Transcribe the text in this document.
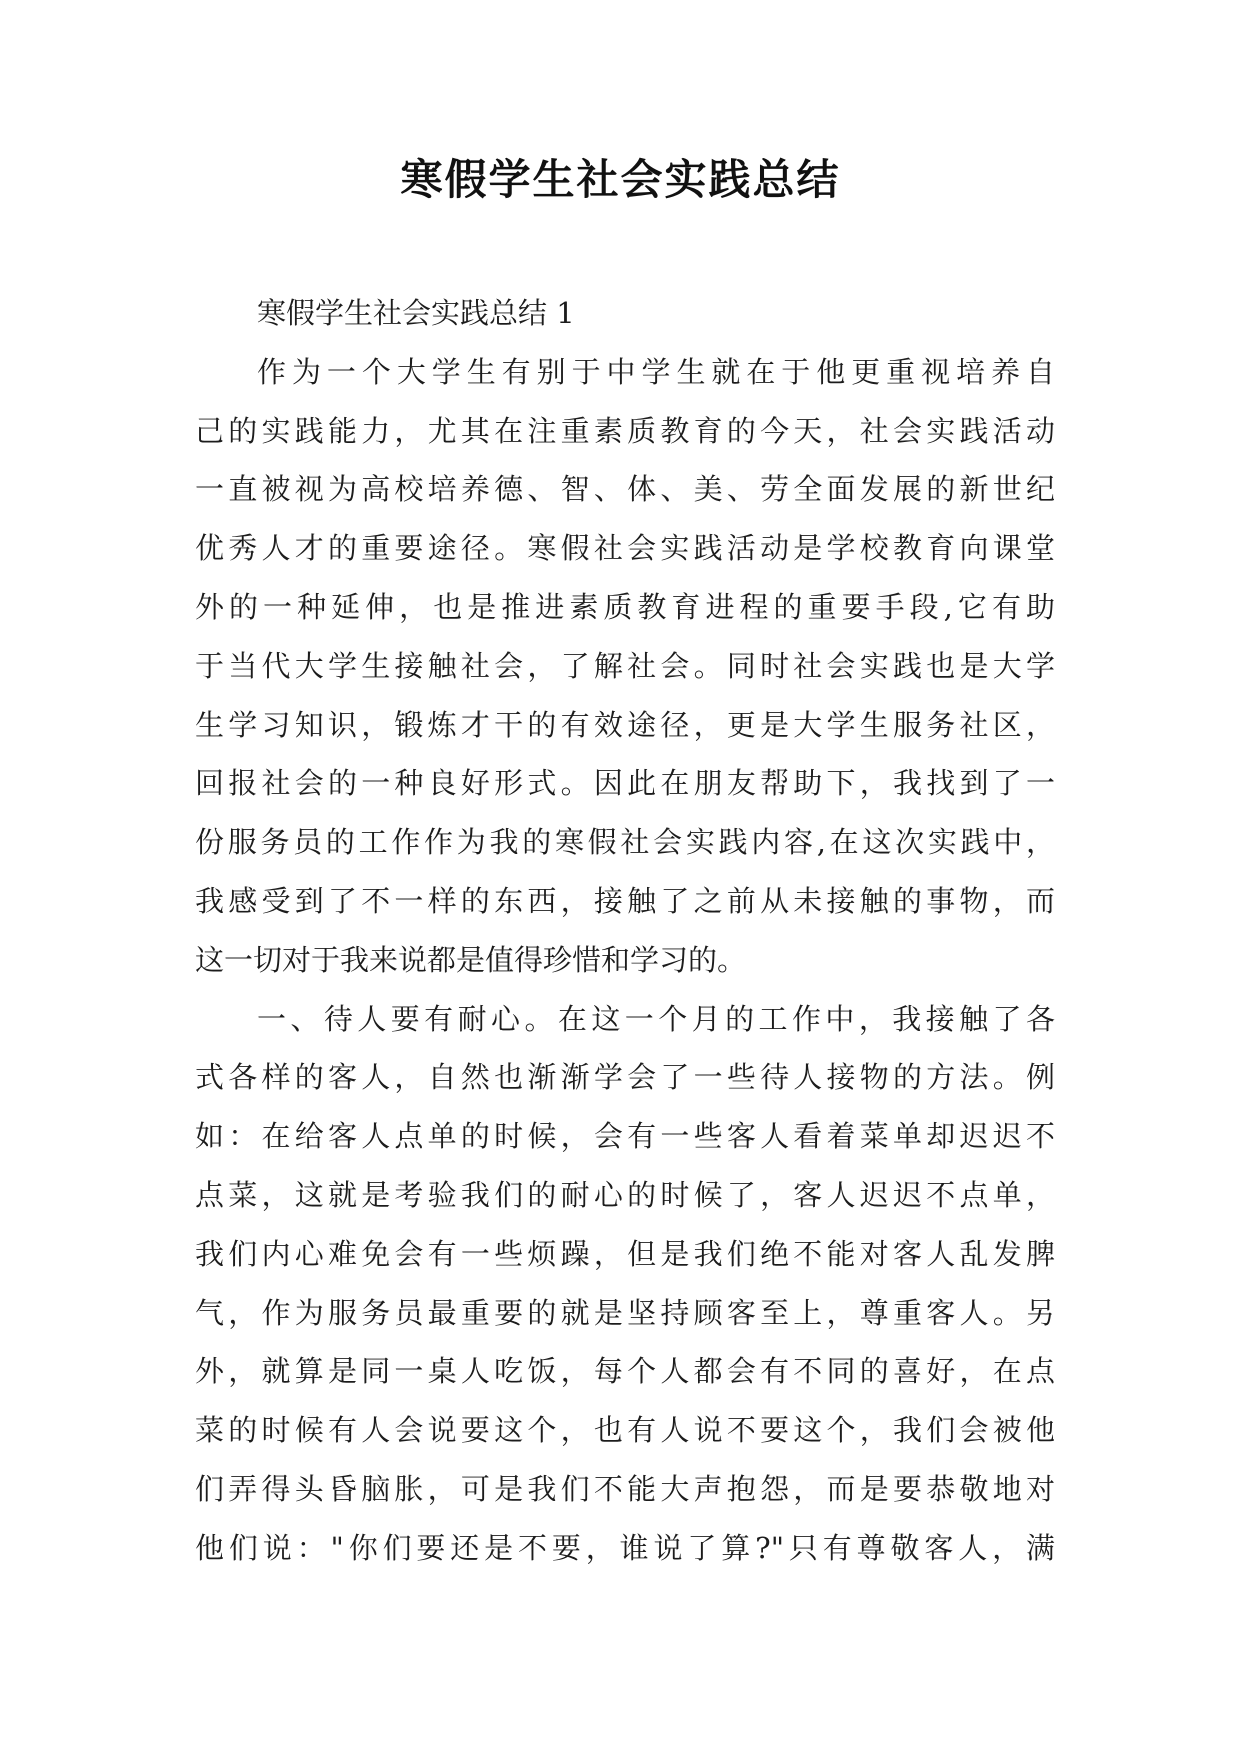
寒假学生社会实践总结
寒假学生社会实践总结 1
作为一个大学生有别于中学生就在于他更重视培养自
己的实践能力，尤其在注重素质教育的今天，社会实践活动
一直被视为高校培养德、智、体、美、劳全面发展的新世纪
优秀人才的重要途径。寒假社会实践活动是学校教育向课堂
外的一种延伸，也是推进素质教育进程的重要手段,它有助
于当代大学生接触社会，了解社会。同时社会实践也是大学
生学习知识，锻炼才干的有效途径，更是大学生服务社区，
回报社会的一种良好形式。因此在朋友帮助下，我找到了一
份服务员的工作作为我的寒假社会实践内容,在这次实践中，
我感受到了不一样的东西，接触了之前从未接触的事物，而
这一切对于我来说都是值得珍惜和学习的。
一、待人要有耐心。在这一个月的工作中，我接触了各
式各样的客人，自然也渐渐学会了一些待人接物的方法。例
如：在给客人点单的时候，会有一些客人看着菜单却迟迟不
点菜，这就是考验我们的耐心的时候了，客人迟迟不点单，
我们内心难免会有一些烦躁，但是我们绝不能对客人乱发脾
气，作为服务员最重要的就是坚持顾客至上，尊重客人。另
外，就算是同一桌人吃饭，每个人都会有不同的喜好，在点
菜的时候有人会说要这个，也有人说不要这个，我们会被他
们弄得头昏脑胀，可是我们不能大声抱怨，而是要恭敬地对
他们说："你们要还是不要，谁说了算?"只有尊敬客人，满
